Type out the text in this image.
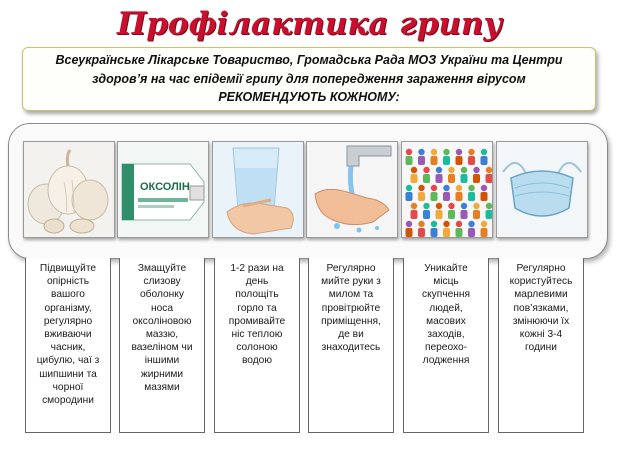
Профілактика грипу
Всеукраїнське Лікарське Товариство, Громадська Рада МОЗ України та Центри
здоров’я на час епідемії грипу для попередження зараження вірусом
РЕКОМЕНДУЮТЬ КОЖНОМУ:
ОКСОЛІН
Підвищуйте
опірність
вашого
організму,
регулярно
вживаючи
часник,
цибулю, чаї з
шипшини та
чорної
смородини
Змащуйте
слизову
оболонку
носа
оксоліновою
маззю,
вазеліном чи
іншими
жирними
мазями
1-2 рази на
день
полощіть
горло та
промивайте
ніс теплою
солоною
водою
Регулярно
мийте руки з
милом та
провітрюйте
приміщення,
де ви
знаходитесь
Уникайте
місць
скупчення
людей,
масових
заходів,
переохо-
лодження
Регулярно
користуйтесь
марлевими
пов’язками,
змінюючи їх
кожні 3-4
години
